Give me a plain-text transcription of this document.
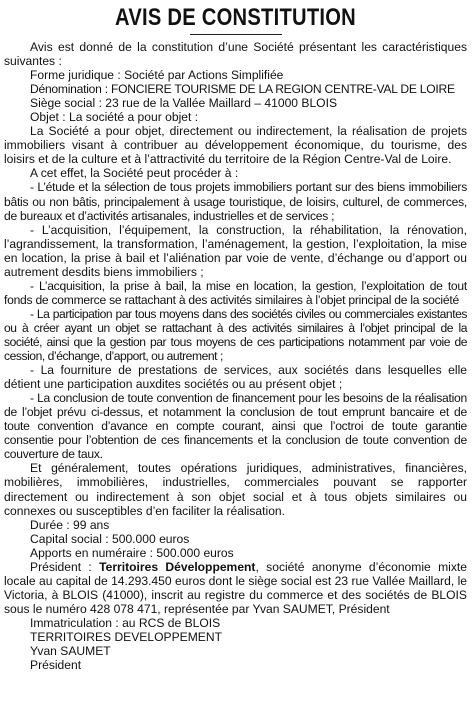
AVIS DE CONSTITUTION

Avis est donné de la constitution d’une Société présentant les caractéristiques suivantes :

Forme juridique : Société par Actions Simplifiée

Dénomination : FONCIERE TOURISME DE LA REGION CENTRE-VAL DE LOIRE

Siège social : 23 rue de la Vallée Maillard – 41000 BLOIS

Objet : La société a pour objet :

La Société a pour objet, directement ou indirectement, la réalisation de projets immobiliers visant à contribuer au développement économique, du tourisme, des loisirs et de la culture et à l’attractivité du territoire de la Région Centre-Val de Loire.

A cet effet, la Société peut procéder à :

- L’étude et la sélection de tous projets immobiliers portant sur des biens immobiliers bâtis ou non bâtis, principalement à usage touristique, de loisirs, culturel, de commerces, de bureaux et d’activités artisanales, industrielles et de services ;

- L’acquisition, l’équipement, la construction, la réhabilitation, la rénovation, l’agrandissement, la transformation, l’aménagement, la gestion, l’exploitation, la mise en location, la prise à bail et l’aliénation par voie de vente, d’échange ou d’apport ou autrement desdits biens immobiliers ;

- L’acquisition, la prise à bail, la mise en location, la gestion, l’exploitation de tout fonds de commerce se rattachant à des activités similaires à l’objet principal de la société

- La participation par tous moyens dans des sociétés civiles ou commerciales existantes ou à créer ayant un objet se rattachant à des activités similaires à l’objet principal de la société, ainsi que la gestion par tous moyens de ces participations notamment par voie de cession, d’échange, d’apport, ou autrement ;

- La fourniture de prestations de services, aux sociétés dans lesquelles elle détient une participation auxdites sociétés ou au présent objet ;

- La conclusion de toute convention de financement pour les besoins de la réalisation de l’objet prévu ci-dessus, et notamment la conclusion de tout emprunt bancaire et de toute convention d’avance en compte courant, ainsi que l’octroi de toute garantie consentie pour l’obtention de ces financements et la conclusion de toute convention de couverture de taux.

Et généralement, toutes opérations juridiques, administratives, financières, mobilières, immobilières, industrielles, commerciales pouvant se rapporter directement ou indirectement à son objet social et à tous objets similaires ou connexes ou susceptibles d’en faciliter la réalisation.

Durée : 99 ans

Capital social : 500.000 euros

Apports en numéraire : 500.000 euros

Président : Territoires Développement, société anonyme d’économie mixte locale au capital de 14.293.450 euros dont le siège social est 23 rue Vallée Maillard, le Victoria, à BLOIS (41000), inscrit au registre du commerce et des sociétés de BLOIS sous le numéro 428 078 471, représentée par Yvan SAUMET, Président

Immatriculation : au RCS de BLOIS

TERRITOIRES DEVELOPPEMENT

Yvan SAUMET

Président
